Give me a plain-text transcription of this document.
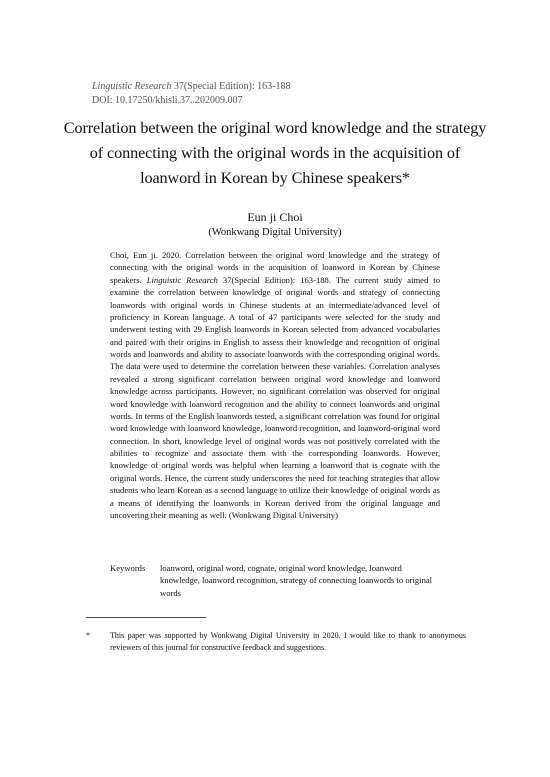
Linguistic Research 37(Special Edition): 163-188
DOI: 10.17250/khisli.37..202009.007
Correlation between the original word knowledge and the strategy of connecting with the original words in the acquisition of loanword in Korean by Chinese speakers*
Eun ji Choi
(Wonkwang Digital University)
Choi, Eun ji. 2020. Correlation between the original word knowledge and the strategy of connecting with the original words in the acquisition of loanword in Korean by Chinese speakers. Linguistic Research 37(Special Edition): 163-188. The current study aimed to examine the correlation between knowledge of original words and strategy of connecting loanwords with original words in Chinese students at an intermediate/advanced level of proficiency in Korean language. A total of 47 participants were selected for the study and underwent testing with 29 English loanwords in Korean selected from advanced vocabularies and paired with their origins in English to assess their knowledge and recognition of original words and loanwords and ability to associate loanwords with the corresponding original words. The data were used to determine the correlation between these variables. Correlation analyses revealed a strong significant correlation between original word knowledge and loanword knowledge across participants. However, no significant correlation was observed for original word knowledge with loanword recognition and the ability to connect loanwords and original words. In terms of the English loanwords tested, a significant correlation was found for original word knowledge with loanword knowledge, loanword recognition, and loanword-original word connection. In short, knowledge level of original words was not positively correlated with the abilities to recognize and associate them with the corresponding loanwords. However, knowledge of original words was helpful when learning a loanword that is cognate with the original words. Hence, the current study underscores the need for teaching strategies that allow students who learn Korean as a second language to utilize their knowledge of original words as a means of identifying the loanwords in Korean derived from the original language and uncovering their meaning as well. (Wonkwang Digital University)
Keywords	loanword, original word, cognate, original word knowledge, loanword knowledge, loanword recognition, strategy of connecting loanwords to original words
*	This paper was supported by Wonkwang Digital University in 2020. I would like to thank to anonymous reviewers of this journal for constructive feedback and suggestions.
